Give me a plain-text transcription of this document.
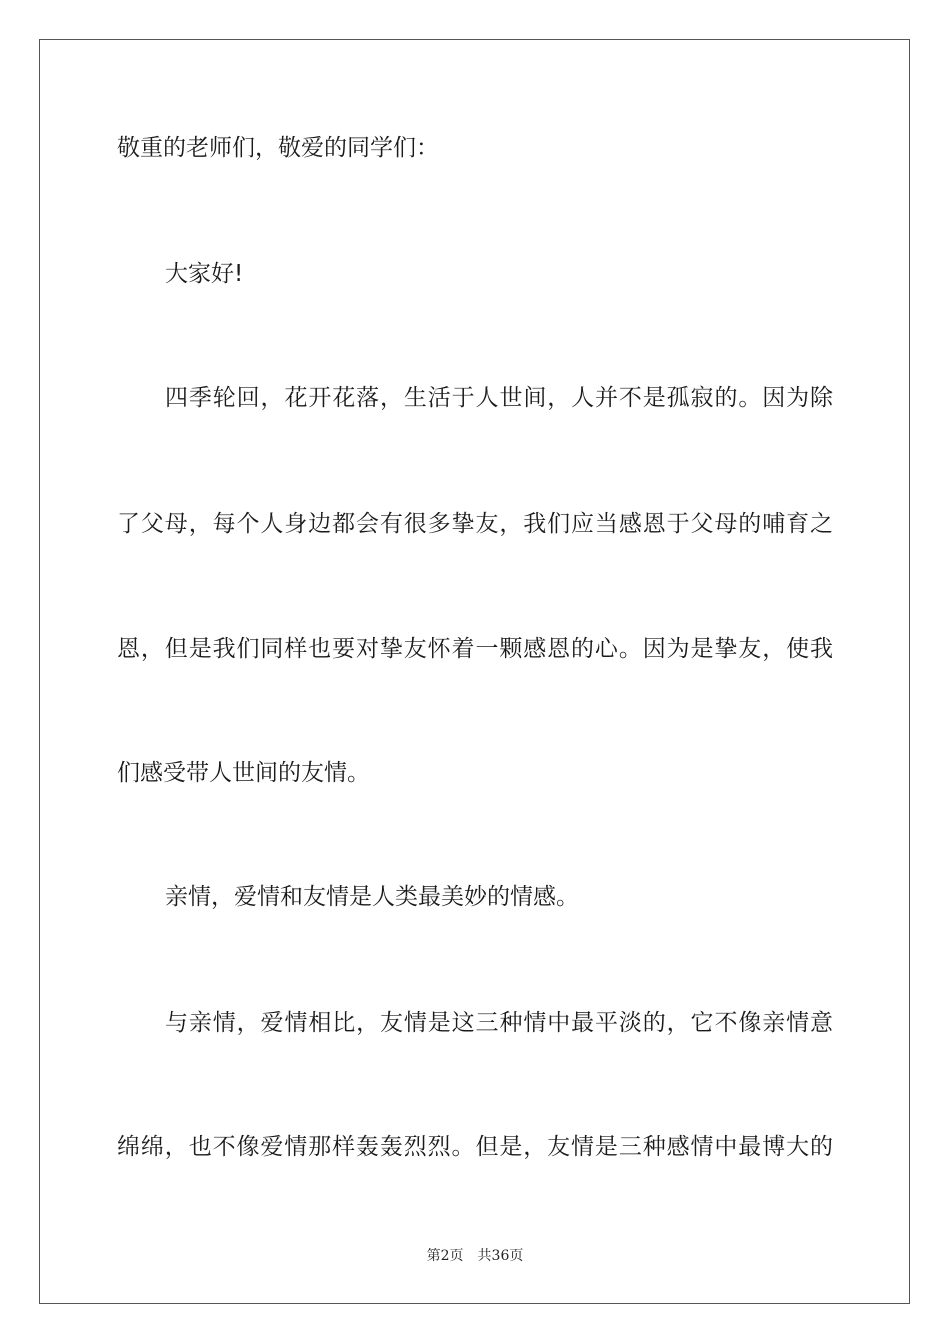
敬重的老师们，敬爱的同学们：
大家好!
四季轮回，花开花落，生活于人世间，人并不是孤寂的。因为除
了父母，每个人身边都会有很多挚友，我们应当感恩于父母的哺育之
恩，但是我们同样也要对挚友怀着一颗感恩的心。因为是挚友，使我
们感受带人世间的友情。
亲情，爱情和友情是人类最美妙的情感。
与亲情，爱情相比，友情是这三种情中最平淡的，它不像亲情意
绵绵，也不像爱情那样轰轰烈烈。但是，友情是三种感情中最博大的
第2页 共36页
